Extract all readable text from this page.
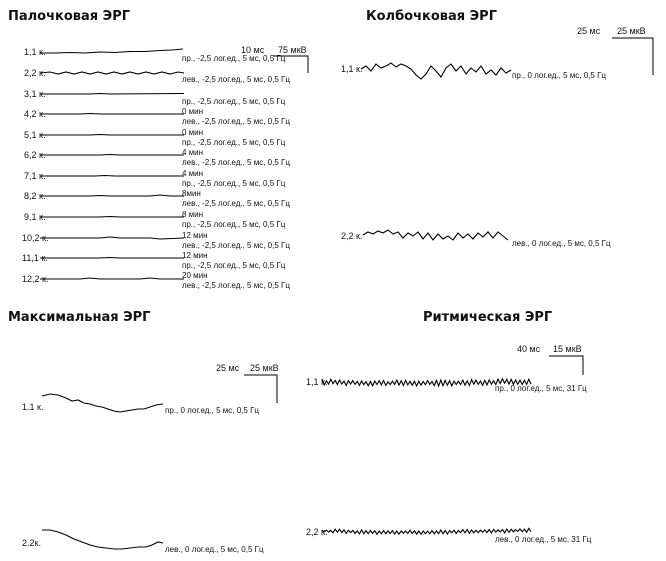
Палочковая ЭРГ	Колбочковая ЭРГ
Максимальная ЭРГ	Ритмическая ЭРГ
10 мс 75 мкВ
25 мс 25 мкВ
25 мс 25 мкВ
40 мс 15 мкВ
1,1 к.
пр., -2,5 лог.ед., 5 мс, 0,5 Гц
2,2 к.
лев., -2,5 лог.ед., 5 мс, 0,5 Гц
3,1 к.
пр., -2,5 лог.ед., 5 мс, 0,5 Гц
4,2 к.	0 мин
лев., -2,5 лог.ед., 5 мс, 0,5 Гц
5,1 к.	0 мин
пр., -2,5 лог.ед., 5 мс, 0,5 Гц
6,2 к.	4 мин
лев., -2,5 лог.ед., 5 мс, 0,5 Гц
7,1 к.	4 мин
пр., -2,5 лог.ед., 5 мс, 0,5 Гц
8,2 к.	8мин
лев., -2,5 лог.ед., 5 мс, 0,5 Гц
9,1 к.	8 мин
пр., -2,5 лог.ед., 5 мс, 0,5 Гц
10,2 к.	12 мин
лев., -2,5 лог.ед., 5 мс, 0,5 Гц
11,1 к.	12 мин
пр., -2,5 лог.ед., 5 мс, 0,5 Гц
12,2 к.	20 мин
лев., -2,5 лог.ед., 5 мс, 0,5 Гц
1,1 к.
пр., 0 лог.ед., 5 мс, 0,5 Гц
2,2 к.
лев., 0 лог.ед., 5 мс, 0,5 Гц
1.1 к.	пр., 0 лог.ед., 5 мс, 0,5 Гц
2.2к.
лев., 0 лог.ед., 5 мс, 0,5 Гц
1,1 к.
пр., 0 лог.ед., 5 мс, 31 Гц
2,2 к.
лев., 0 лог.ед., 5 мс, 31 Гц
